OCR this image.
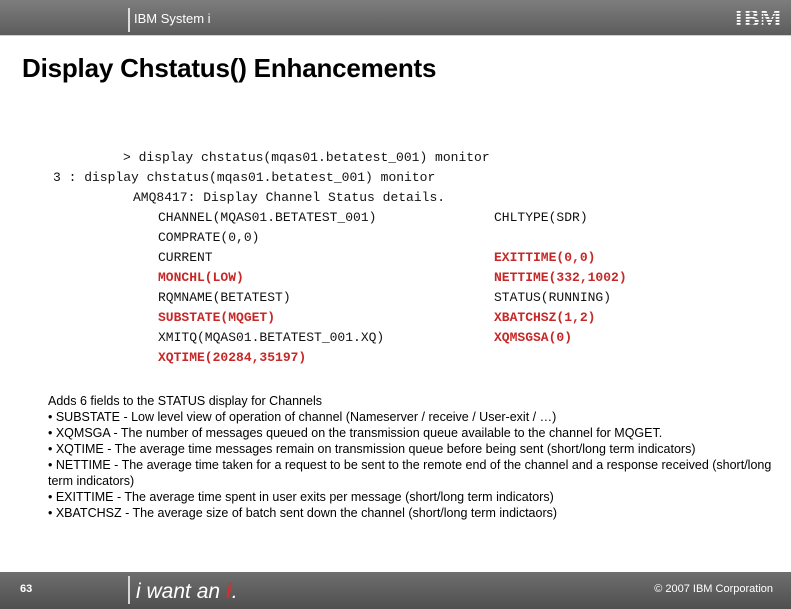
IBM System i
Display Chstatus() Enhancements
> display chstatus(mqas01.betatest_001) monitor
3 : display chstatus(mqas01.betatest_001) monitor
AMQ8417: Display Channel Status details.
CHANNEL(MQAS01.BETATEST_001)
COMPRATE(0,0)
CURRENT
MONCHL(LOW)
RQMNAME(BETATEST)
SUBSTATE(MQGET)
XMITQ(MQAS01.BETATEST_001.XQ)
XQTIME(20284,35197)
CHLTYPE(SDR)
EXITTIME(0,0)
NETTIME(332,1002)
STATUS(RUNNING)
XBATCHSZ(1,2)
XQMSGSA(0)

Adds 6 fields to the STATUS display for Channels

• SUBSTATE - Low level view of operation of channel (Nameserver / receive / User-exit / …)

• XQMSGA - The number of messages queued on the transmission queue available to the channel for MQGET.

• XQTIME - The average time messages remain on transmission queue before being sent (short/long term indicators)

• NETTIME - The average time taken for a request to be sent to the remote end of the channel and a response received (short/long term indicators)

• EXITTIME - The average time spent in user exits per message (short/long term indicators)

• XBATCHSZ - The average size of batch sent down the channel (short/long term indictaors)

63	i want an i.	© 2007 IBM Corporation
